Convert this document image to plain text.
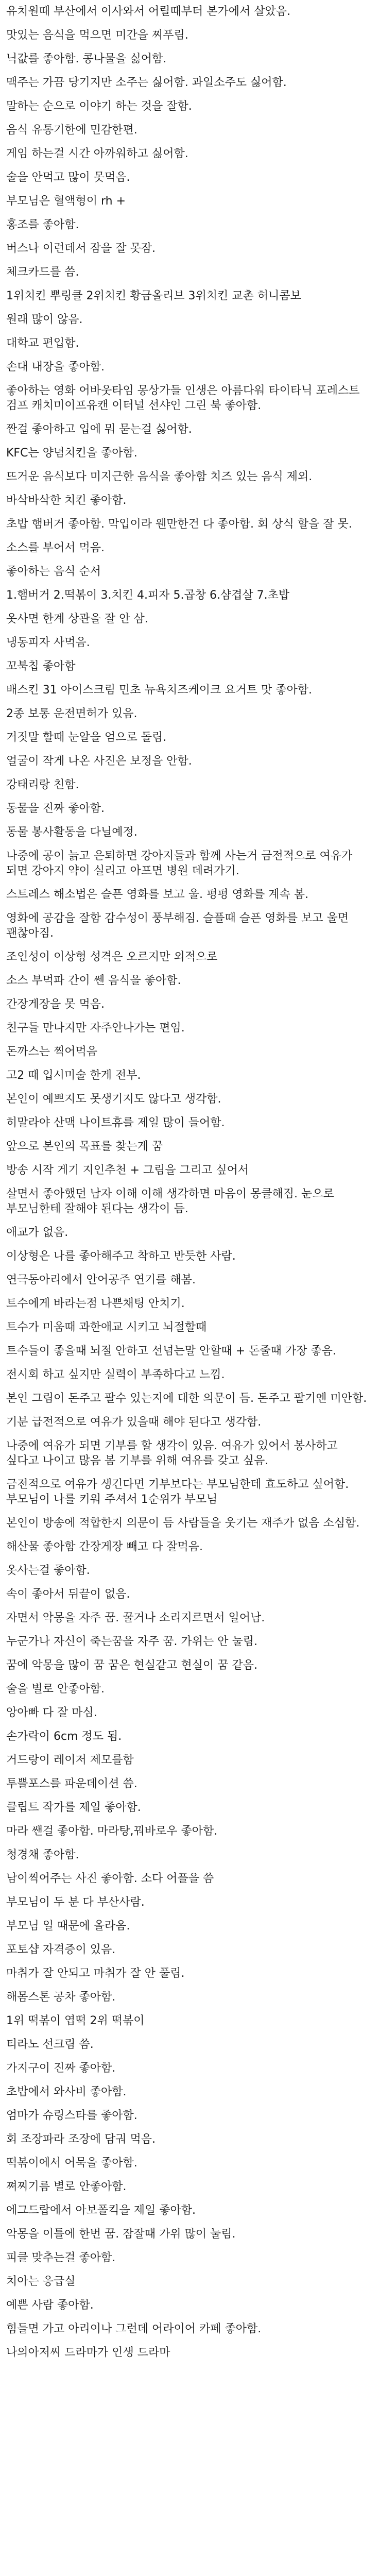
유치원때 부산에서 이사와서 어릴때부터 본가에서 살았음.

맛있는 음식을 먹으면 미간을 찌푸림.

닉값를 좋아함. 콩나물을 싫어함.

맥주는 가끔 당기지만 소주는 싫어함. 과일소주도 싫어함.

말하는 순으로 이야기 하는 것을 잘함.

음식 유통기한에 민감한편.

게임 하는걸 시간 아까워하고 싫어함.

술을 안먹고 많이 못먹음.

부모님은 혈액형이 rh +

홍조를 좋아함.

버스나 이런데서 잠을 잘 못잠.

체크카드를 씀.

1위치킨 뿌링클 2위치킨 황금올리브 3위치킨 교촌 허니콤보

원래 많이 않음.

대학교 편입함.

손대 내장을 좋아함.

좋아하는 영화 어바웃타임 몽상가들 인생은 아름다워 타이타닉 포레스트 검프 캐치미이프유캔 이터널 선샤인 그린 북 좋아함.

짠걸 좋아하고 입에 뭐 묻는걸 싫어함.

KFC는 양념치킨을 좋아함.

뜨거운 음식보다 미지근한 음식을 좋아함 치즈 있는 음식 제외.

바삭바삭한 치킨 좋아함.

초밥 햄버거 좋아함. 막입이라 웬만한건 다 좋아함. 회 상식 할을 잘 못.

소스를 부어서 먹음.

좋아하는 음식 순서

1.햄버거 2.떡볶이 3.치킨 4.피자 5.곱창 6.샴겹살 7.초밥

옷사면 한계 상관을 잘 안 삼.

냉동피자 사먹음.

꼬북칩 좋아함

배스킨 31 아이스크림 민초 뉴욕치즈케이크 요거트 맛 좋아함.

2종 보통 운전면허가 있음.

거짓말 할때 눈알을 엄으로 돌림.

얼굴이 작게 나온 사진은 보정을 안함.

강태리랑 친함.

동물을 진짜 좋아함.

동물 봉사활동을 다닐예정.

나중에 공이 늙고 은퇴하면 강아지들과 함께 사는거 금전적으로 여유가 되면 강아지 약이 실리고 아프면 병원 데려가기.

스트레스 해소법은 슬픈 영화를 보고 울. 펑펑 영화를 계속 봄.

영화에 공감을 잘함 감수성이 풍부해짐. 슬플때 슬픈 영화를 보고 울면 괜찮아짐.

조인성이 이상형 성격은 오르지만 외적으로

소스 부먹파 간이 쎈 음식을 좋아함.

간장게장을 못 먹음.

친구들 만나지만 자주안나가는 편임.

돈까스는 찍어먹음

고2 때 입시미술 한게 전부.

본인이 예쁘지도 못생기지도 않다고 생각함.

히말라야 산맥 나이트휴를 제일 많이 들어함.

앞으로 본인의 목표를 찾는게 꿈

방송 시작 게기 지인추천 + 그림을 그리고 싶어서

살면서 좋아했던 남자 이해 이해 생각하면 마음이 몽클해짐. 눈으로 부모님한테 잘해야 된다는 생각이 듬.

애교가 없음.

이상형은 나를 좋아해주고 착하고 반듯한 사람.

연극동아리에서 안어공주 연기를 해봄.

트수에게 바라는점 나쁜채팅 안치기.

트수가 미움때 과한애교 시키고 뇌절할때

트수들이 좋을때 뇌절 안하고 선넘는말 안할때 + 돈줄때 가장 좋음.

전시회 하고 싶지만 실력이 부족하다고 느낌.

본인 그림이 돈주고 팔수 있는지에 대한 의문이 듬. 돈주고 팔기엔 미안함.

기분 급전적으로 여유가 있을때 해야 된다고 생각함.

나중에 여유가 되면 기부를 할 생각이 있음. 여유가 있어서 봉사하고 싶다고 나이고 많음 봄 기부를 위해 여유를 갖고 싶음.

금전적으로 여유가 생긴다면 기부보다는 부모님한테 효도하고 싶어함. 부모님이 나를 키워 주셔서 1순위가 부모님

본인이 방송에 적합한지 의문이 듬 사람들을 웃기는 재주가 없음 소심함.

해산물 좋아함 간장게장 빼고 다 잘먹음.

옷사는걸 좋아함.

속이 좋아서 뒤끝이 없음.

자면서 악몽을 자주 꿈. 꿀거나 소리지르면서 일어남.

누군가나 자신이 죽는꿈을 자주 꿈. 가위는 안 눌림.

꿈에 악몽을 많이 꿈 꿈은 현실같고 현실이 꿈 같음.

술을 별로 안좋아함.

앙아빠 다 잘 마심.

손가락이 6cm 정도 됨.

거드랑이 레이저 제모를함

투쁠포스를 파운데이션 씀.

클립트 작가를 제일 좋아함.

마라 쌘걸 좋아함. 마라탕,꿔바로우 좋아함.

청경채 좋아함.

남이찍어주는 사진 좋아함. 소다 어플을 씀

부모님이 두 분 다 부산사람.

부모님 일 때문에 올라옴.

포토샵 자격증이 있음.

마취가 잘 안되고 마취가 잘 안 풀림.

해몸스톤 공차 좋아함.

1위 떡볶이 엽떡 2위 떡볶이

티라노 선크림 씀.

가지구이 진짜 좋아함.

초밥에서 와사비 좋아함.

엄마가 슈링스타를 좋아함.

회 조장파라 조장에 담궈 먹음.

떡볶이에서 어묵을 좋아함.

쪄찌기름 별로 안좋아함.

에그드랍에서 아보폴킥을 제일 좋아함.

악몽을 이틀에 한번 꿈. 잠잘때 가위 많이 눌림.

피클 맞추는걸 좋아함.

치아는 응급실

예쁜 사람 좋아함.

힘들면 가고 아리이나 그런데 어라이어 카페 좋아함.

나의아저씨 드라마가 인생 드라마
